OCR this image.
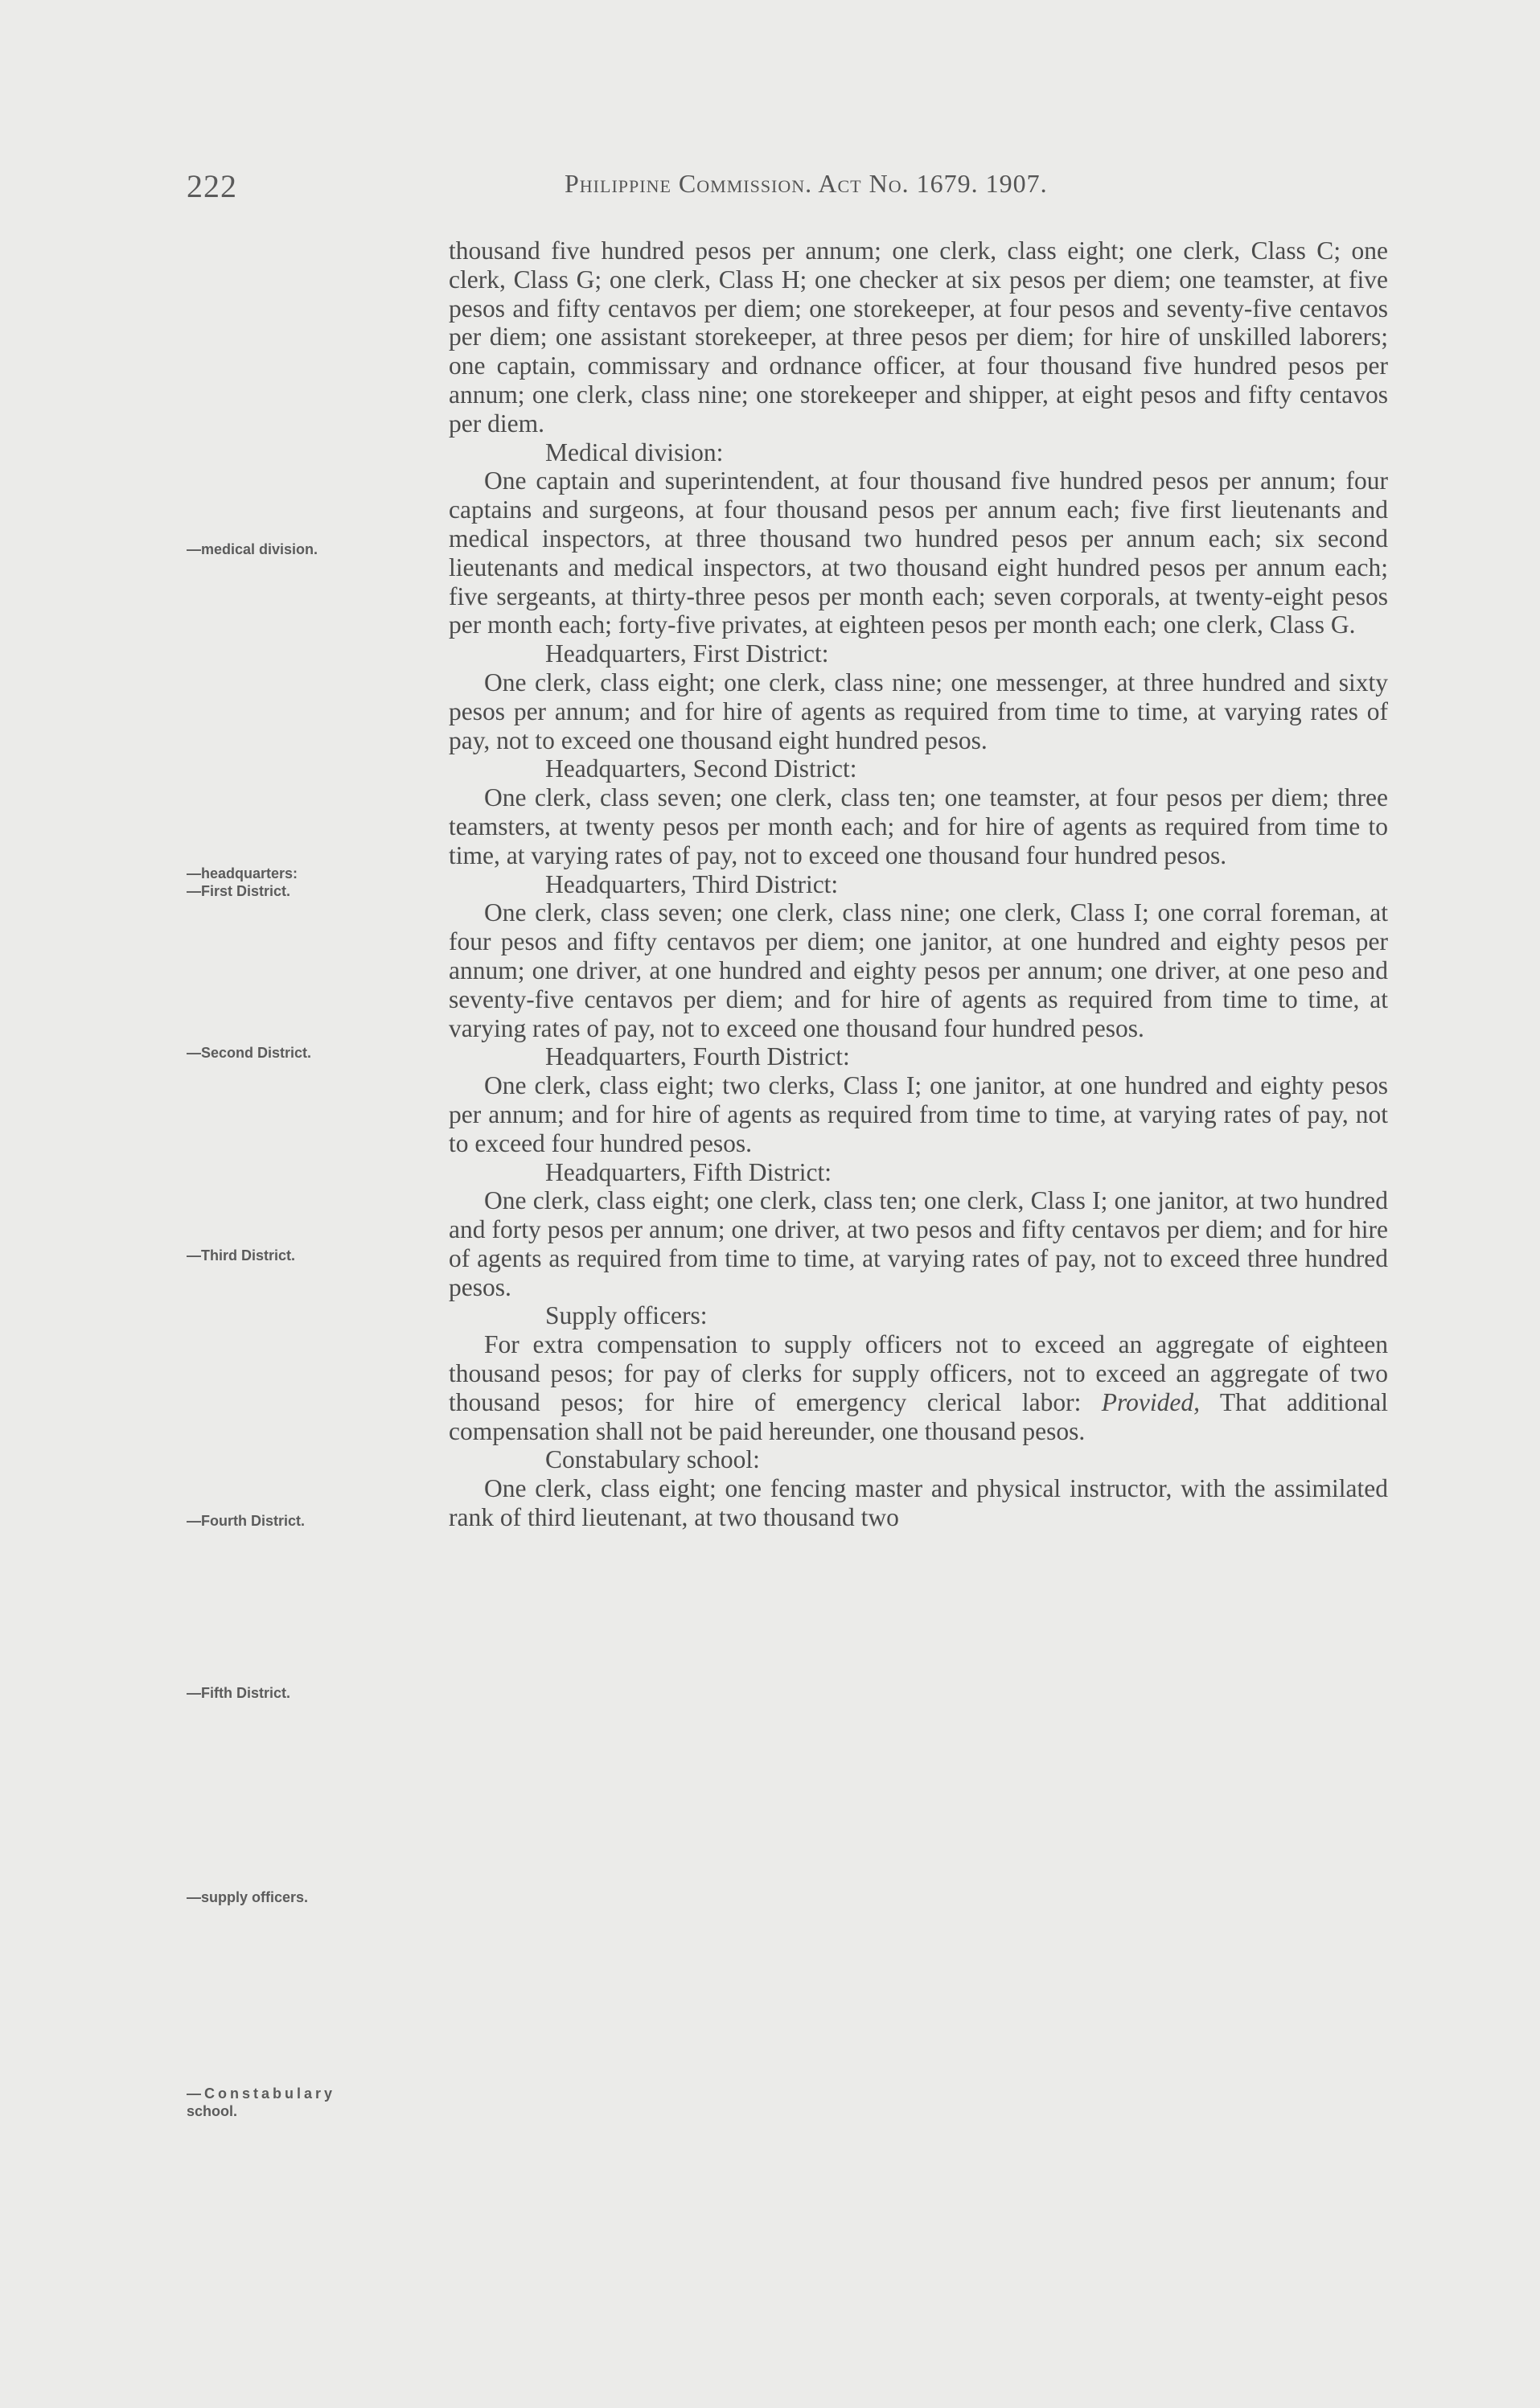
222	Philippine Commission. Act No. 1679. 1907.
—medical division.
—headquarters:
—First District.
—Second District.
—Third District.
—Fourth District.
—Fifth District.
—supply officers.
—Constabulary
school.

thousand five hundred pesos per annum; one clerk, class eight; one clerk, Class C; one clerk, Class G; one clerk, Class H; one checker at six pesos per diem; one teamster, at five pesos and fifty centavos per diem; one storekeeper, at four pesos and seventy-five centavos per diem; one assistant storekeeper, at three pesos per diem; for hire of unskilled laborers; one captain, commissary and ordnance officer, at four thousand five hundred pesos per annum; one clerk, class nine; one storekeeper and shipper, at eight pesos and fifty centavos per diem.

Medical division:

One captain and superintendent, at four thousand five hundred pesos per annum; four captains and surgeons, at four thousand pesos per annum each; five first lieutenants and medical inspectors, at three thousand two hundred pesos per annum each; six second lieutenants and medical inspectors, at two thousand eight hundred pesos per annum each; five sergeants, at thirty-three pesos per month each; seven corporals, at twenty-eight pesos per month each; forty-five privates, at eighteen pesos per month each; one clerk, Class G.

Headquarters, First District:

One clerk, class eight; one clerk, class nine; one messenger, at three hundred and sixty pesos per annum; and for hire of agents as required from time to time, at varying rates of pay, not to exceed one thousand eight hundred pesos.

Headquarters, Second District:

One clerk, class seven; one clerk, class ten; one teamster, at four pesos per diem; three teamsters, at twenty pesos per month each; and for hire of agents as required from time to time, at varying rates of pay, not to exceed one thousand four hundred pesos.

Headquarters, Third District:

One clerk, class seven; one clerk, class nine; one clerk, Class I; one corral foreman, at four pesos and fifty centavos per diem; one janitor, at one hundred and eighty pesos per annum; one driver, at one hundred and eighty pesos per annum; one driver, at one peso and seventy-five centavos per diem; and for hire of agents as required from time to time, at varying rates of pay, not to exceed one thousand four hundred pesos.

Headquarters, Fourth District:

One clerk, class eight; two clerks, Class I; one janitor, at one hundred and eighty pesos per annum; and for hire of agents as required from time to time, at varying rates of pay, not to exceed four hundred pesos.

Headquarters, Fifth District:

One clerk, class eight; one clerk, class ten; one clerk, Class I; one janitor, at two hundred and forty pesos per annum; one driver, at two pesos and fifty centavos per diem; and for hire of agents as required from time to time, at varying rates of pay, not to exceed three hundred pesos.

Supply officers:

For extra compensation to supply officers not to exceed an aggregate of eighteen thousand pesos; for pay of clerks for supply officers, not to exceed an aggregate of two thousand pesos; for hire of emergency clerical labor: Provided, That additional compensation shall not be paid hereunder, one thousand pesos.

Constabulary school:

One clerk, class eight; one fencing master and physical instructor, with the assimilated rank of third lieutenant, at two thousand two
